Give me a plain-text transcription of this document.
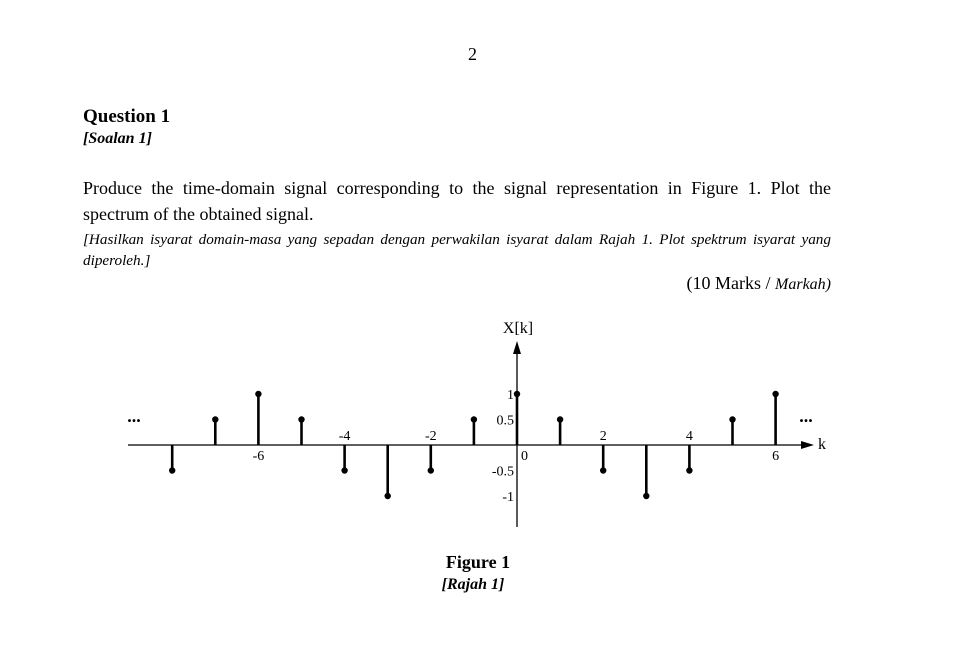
2
Question 1
[Soalan 1]
Produce the time-domain signal corresponding to the signal representation in Figure 1. Plot the spectrum of the obtained signal.
[Hasilkan isyarat domain-masa yang sepadan dengan perwakilan isyarat dalam Rajah 1. Plot spektrum isyarat yang diperoleh.]
(10 Marks / Markah)
X[k]
k
...	...
-6
-4	-2
0
2	4
6
1
0.5
-0.5
-1
Figure 1
[Rajah 1]
